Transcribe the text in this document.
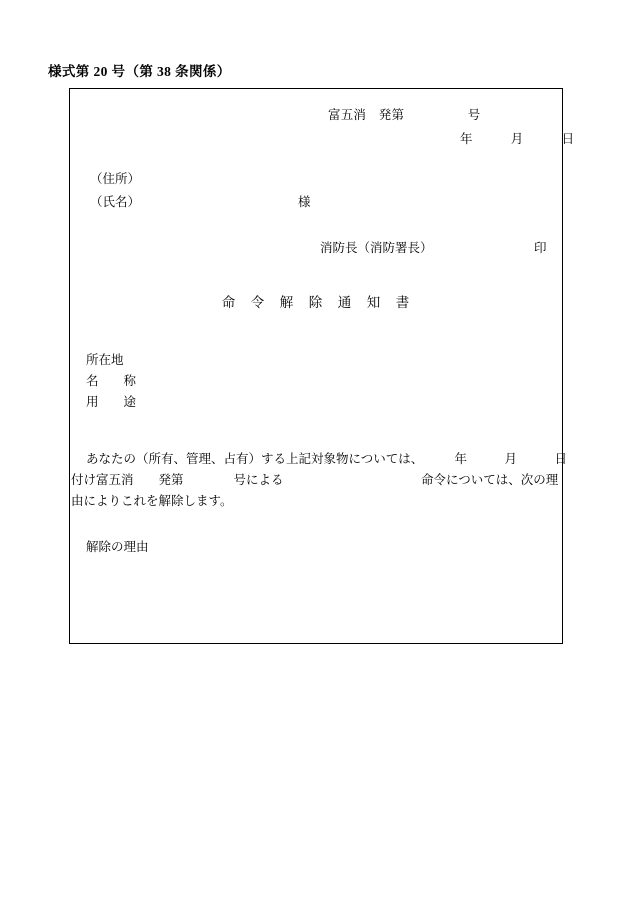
様式第 20 号（第 38 条関係）
富五消　発第　　　　　号
年　　　月　　　日
（住所）
（氏名）	様
消防長（消防署長）	印
命　令　解　除　通　知　書
所在地
名　　称
用　　途
あなたの（所有、管理、占有）する上記対象物については、　　　年　　　月　　　日
付け富五消　　発第　　　　号による　　　　　　　　　　　命令については、次の理
由によりこれを解除します。
解除の理由
